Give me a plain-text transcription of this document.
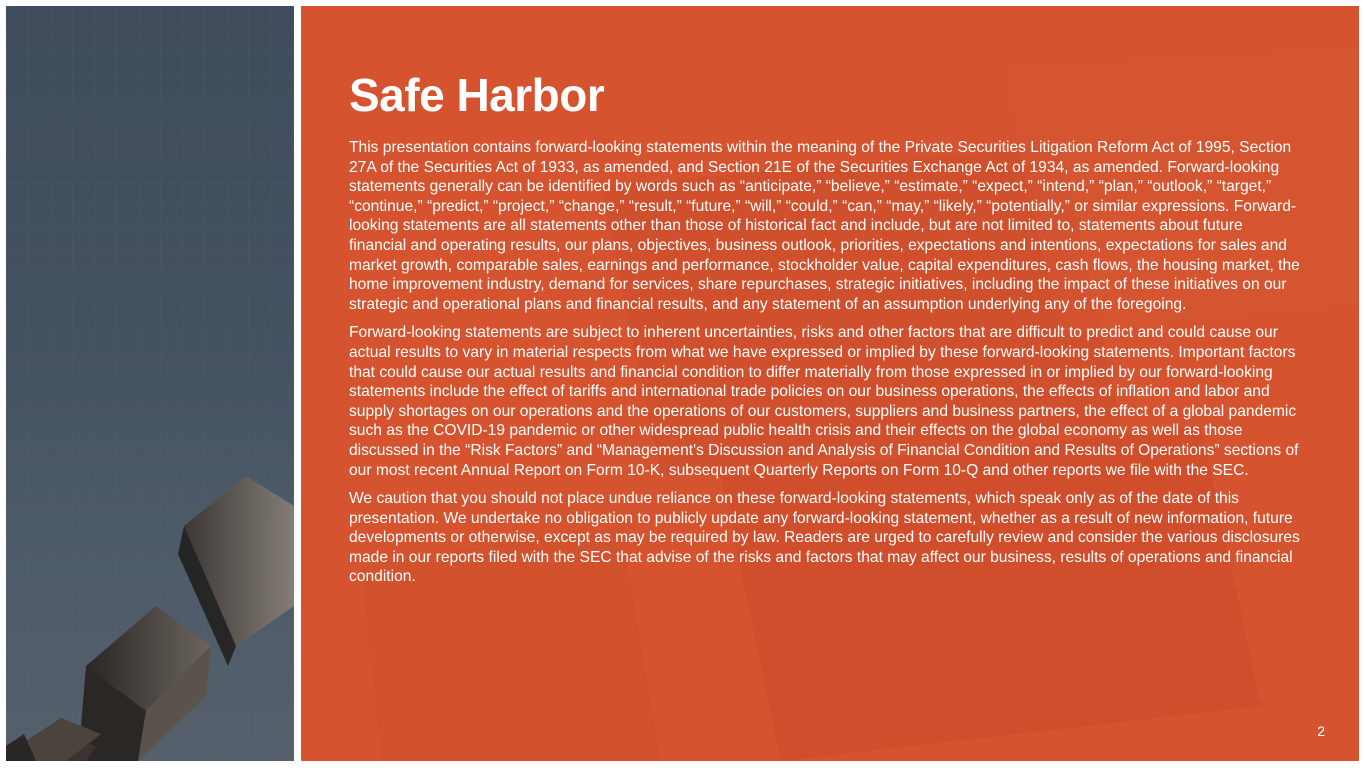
Safe Harbor

This presentation contains forward-looking statements within the meaning of the Private Securities Litigation Reform Act of 1995, Section 27A of the Securities Act of 1933, as amended, and Section 21E of the Securities Exchange Act of 1934, as amended. Forward-looking statements generally can be identified by words such as “anticipate,” “believe,” “estimate,” “expect,” “intend,” “plan,” “outlook,” “target,” “continue,” “predict,” “project,” “change,” “result,” “future,” “will,” “could,” “can,” “may,” “likely,” “potentially,” or similar expressions. Forward-looking statements are all statements other than those of historical fact and include, but are not limited to, statements about future financial and operating results, our plans, objectives, business outlook, priorities, expectations and intentions, expectations for sales and market growth, comparable sales, earnings and performance, stockholder value, capital expenditures, cash flows, the housing market, the home improvement industry, demand for services, share repurchases, strategic initiatives, including the impact of these initiatives on our strategic and operational plans and financial results, and any statement of an assumption underlying any of the foregoing.

Forward-looking statements are subject to inherent uncertainties, risks and other factors that are difficult to predict and could cause our actual results to vary in material respects from what we have expressed or implied by these forward-looking statements. Important factors that could cause our actual results and financial condition to differ materially from those expressed in or implied by our forward-looking statements include the effect of tariffs and international trade policies on our business operations, the effects of inflation and labor and supply shortages on our operations and the operations of our customers, suppliers and business partners, the effect of a global pandemic such as the COVID-19 pandemic or other widespread public health crisis and their effects on the global economy as well as those discussed in the “Risk Factors” and “Management's Discussion and Analysis of Financial Condition and Results of Operations” sections of our most recent Annual Report on Form 10-K, subsequent Quarterly Reports on Form 10-Q and other reports we file with the SEC.

We caution that you should not place undue reliance on these forward-looking statements, which speak only as of the date of this presentation. We undertake no obligation to publicly update any forward-looking statement, whether as a result of new information, future developments or otherwise, except as may be required by law. Readers are urged to carefully review and consider the various disclosures made in our reports filed with the SEC that advise of the risks and factors that may affect our business, results of operations and financial condition.

2
